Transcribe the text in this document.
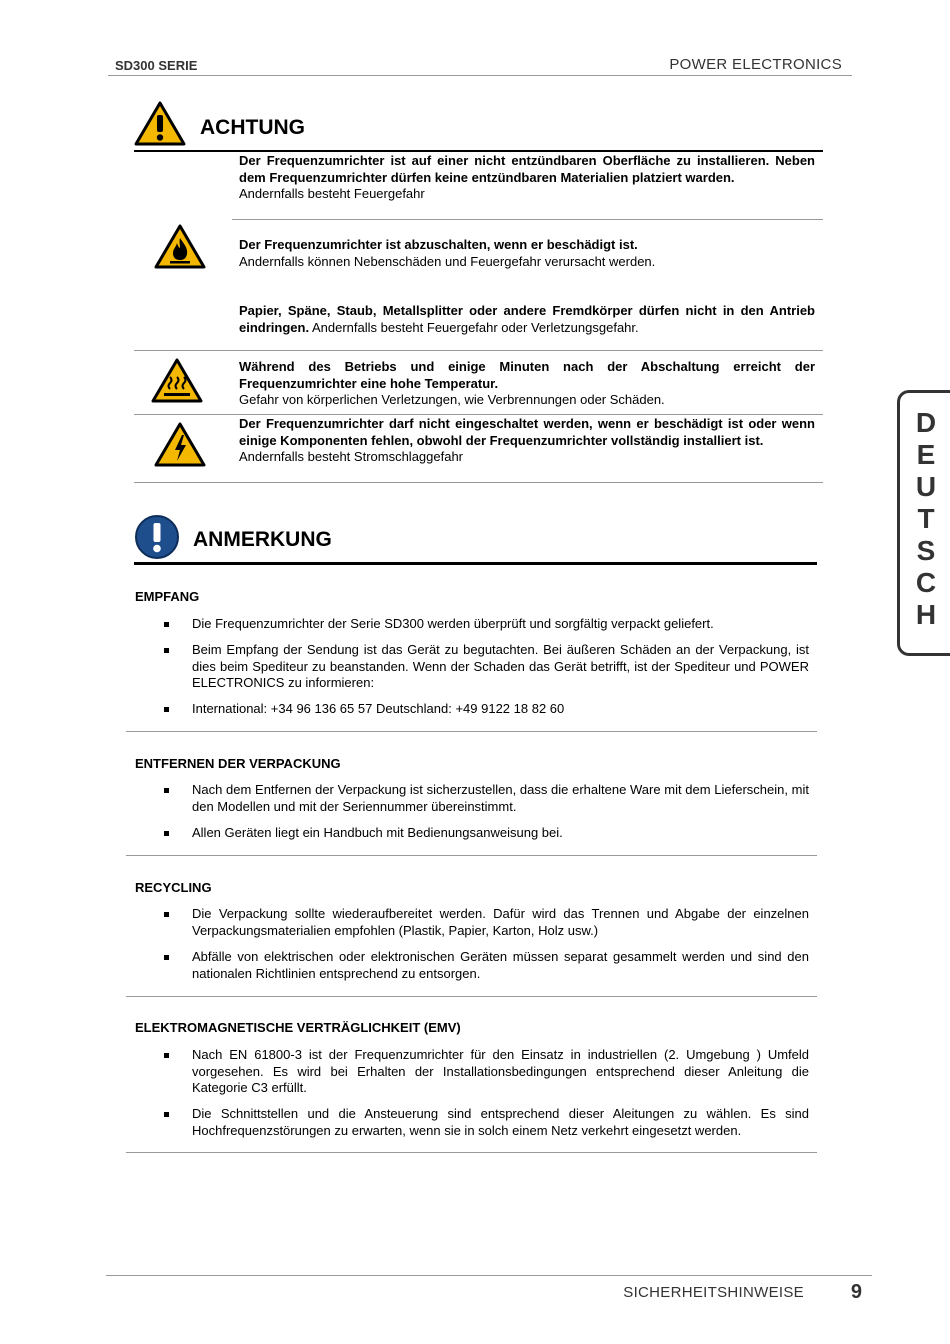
SD300 SERIE	POWER ELECTRONICS
ACHTUNG
Der Frequenzumrichter ist auf einer nicht entzündbaren Oberfläche zu installieren. Neben dem Frequenzumrichter dürfen keine entzündbaren Materialien platziert warden.
Andernfalls besteht Feuergefahr
Der Frequenzumrichter ist abzuschalten, wenn er beschädigt ist.
Andernfalls können Nebenschäden und Feuergefahr verursacht werden.
Papier, Späne, Staub, Metallsplitter oder andere Fremdkörper dürfen nicht in den Antrieb eindringen. Andernfalls besteht Feuergefahr oder Verletzungsgefahr.
Während des Betriebs und einige Minuten nach der Abschaltung erreicht der Frequenzumrichter eine hohe Temperatur.
Gefahr von körperlichen Verletzungen, wie Verbrennungen oder Schäden.
Der Frequenzumrichter darf nicht eingeschaltet werden, wenn er beschädigt ist oder wenn einige Komponenten fehlen, obwohl der Frequenzumrichter vollständig installiert ist.
Andernfalls besteht Stromschlaggefahr
ANMERKUNG
EMPFANG
Die Frequenzumrichter der Serie SD300 werden überprüft und sorgfältig verpackt geliefert.
Beim Empfang der Sendung ist das Gerät zu begutachten. Bei äußeren Schäden an der Verpackung, ist dies beim Spediteur zu beanstanden. Wenn der Schaden das Gerät betrifft, ist der Spediteur und POWER ELECTRONICS zu informieren:
International: +34 96 136 65 57 Deutschland: +49 9122 18 82 60
ENTFERNEN DER VERPACKUNG
Nach dem Entfernen der Verpackung ist sicherzustellen, dass die erhaltene Ware mit dem Lieferschein, mit den Modellen und mit der Seriennummer übereinstimmt.
Allen Geräten liegt ein Handbuch mit Bedienungsanweisung bei.
RECYCLING
Die Verpackung sollte wiederaufbereitet werden. Dafür wird das Trennen und Abgabe der einzelnen Verpackungsmaterialien empfohlen (Plastik, Papier, Karton, Holz usw.)
Abfälle von elektrischen oder elektronischen Geräten müssen separat gesammelt werden und sind den nationalen Richtlinien entsprechend zu entsorgen.
ELEKTROMAGNETISCHE VERTRÄGLICHKEIT (EMV)
Nach EN 61800-3 ist der Frequenzumrichter für den Einsatz in industriellen (2. Umgebung ) Umfeld vorgesehen. Es wird bei Erhalten der Installationsbedingungen entsprechend dieser Anleitung die Kategorie C3 erfüllt.
Die Schnittstellen und die Ansteuerung sind entsprechend dieser Aleitungen zu wählen. Es sind Hochfrequenzstörungen zu erwarten, wenn sie in solch einem Netz verkehrt eingesetzt werden.
D
E
U
T
S
C
H
SICHERHEITSHINWEISE 9
